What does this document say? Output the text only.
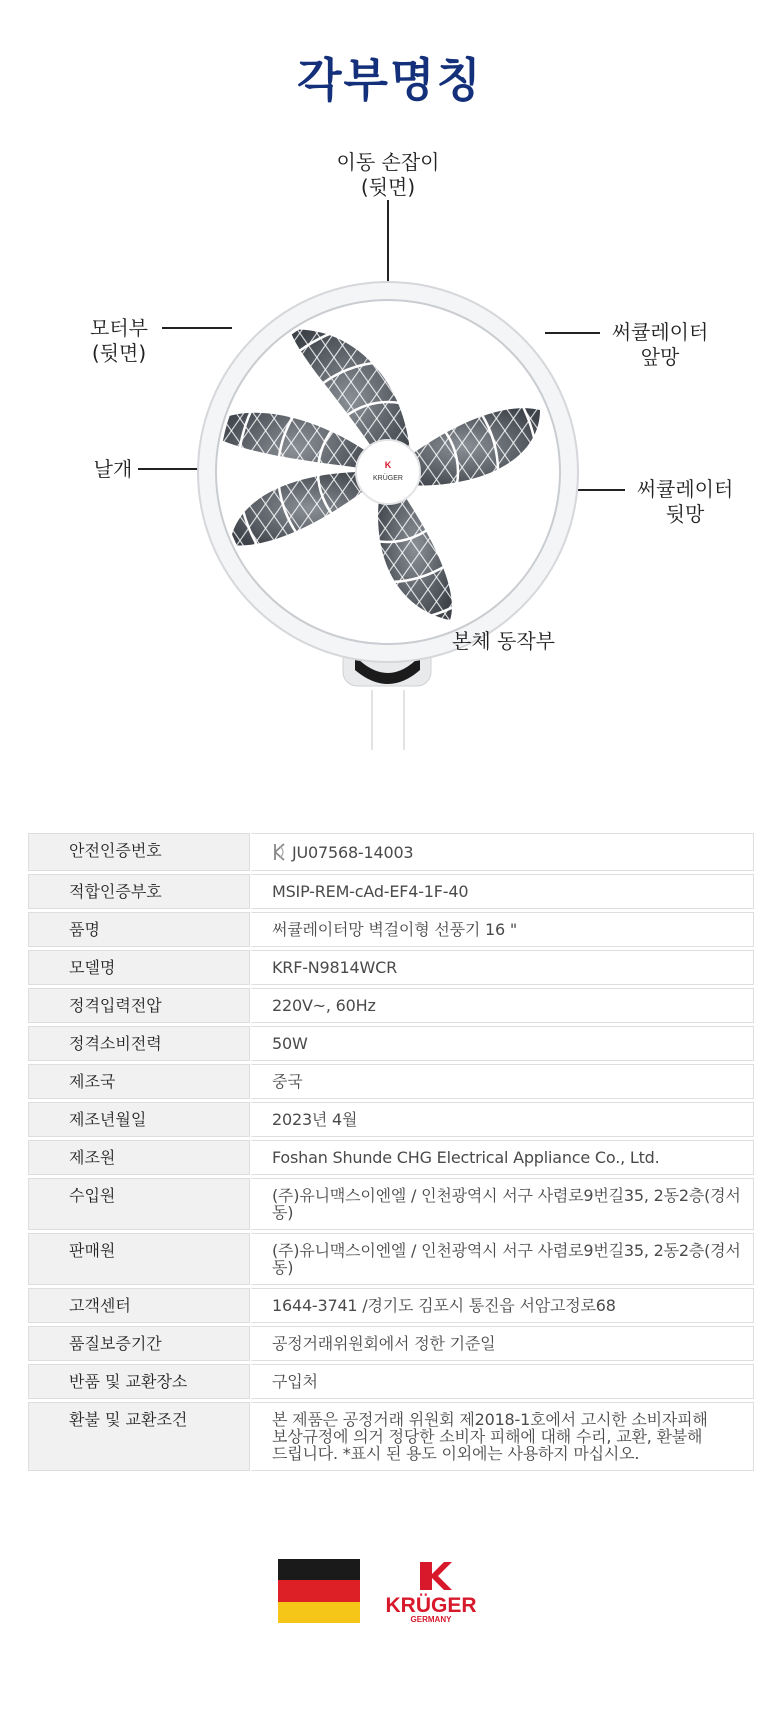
각부명칭
K
KRÜGER
이동 손잡이
(뒷면)
모터부
(뒷면)
날개
써큘레이터
앞망
써큘레이터
뒷망
본체 동작부
안전인증번호	JU07568-14003
적합인증부호	MSIP-REM-cAd-EF4-1F-40
품명	써큘레이터망 벽걸이형 선풍기 16 "
모델명	KRF-N9814WCR
정격입력전압	220V~, 60Hz
정격소비전력	50W
제조국	중국
제조년월일	2023년 4월
제조원	Foshan Shunde CHG Electrical Appliance Co., Ltd.
수입원	(주)유니맥스이엔엘 / 인천광역시 서구 사렴로9번길35, 2동2층(경서동)
판매원	(주)유니맥스이엔엘 / 인천광역시 서구 사렴로9번길35, 2동2층(경서동)
고객센터	1644-3741 /경기도 김포시 통진읍 서암고정로68
품질보증기간	공정거래위원회에서 정한 기준일
반품 및 교환장소	구입처
환불 및 교환조건	본 제품은 공정거래 위원회 제2018-1호에서 고시한 소비자피해
보상규정에 의거 정당한 소비자 피해에 대해 수리, 교환, 환불해
드립니다. *표시 된 용도 이외에는 사용하지 마십시오.
KRÜGER
GERMANY
